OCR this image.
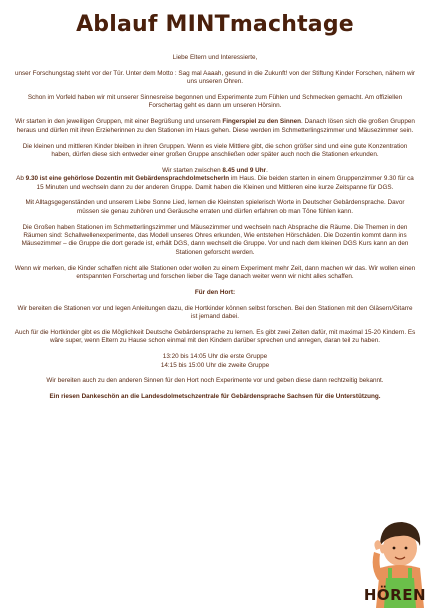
Ablauf MINTmachtage

Liebe Eltern und Interessierte,

unser Forschungstag steht vor der Tür. Unter dem Motto : Sag mal Aaaah, gesund in die Zukunft! von der Stiftung Kinder Forschen, nähern wir uns unseren Ohren.

Schon im Vorfeld haben wir mit unserer Sinnesreise begonnen und Experimente zum Fühlen und Schmecken gemacht. Am offiziellen Forschertag geht es dann um unseren Hörsinn.

Wir starten in den jeweiligen Gruppen, mit einer Begrüßung und unserem Fingerspiel zu den Sinnen. Danach lösen sich die großen Gruppen heraus und dürfen mit ihren Erzieherinnen zu den Stationen im Haus gehen. Diese werden im Schmetterlingszimmer und Mäusezimmer sein.

Die kleinen und mittleren Kinder bleiben in ihren Gruppen. Wenn es viele Mittlere gibt, die schon größer sind und eine gute Konzentration haben, dürfen diese sich entweder einer großen Gruppe anschließen oder später auch noch die Stationen erkunden.

Wir starten zwischen 8.45 und 9 Uhr.

Ab 9.30 ist eine gehörlose Dozentin mit GebärdensprachdolmetscherIn im Haus. Die beiden starten in einem Gruppenzimmer 9.30 für ca 15 Minuten und wechseln dann zu der anderen Gruppe. Damit haben die Kleinen und Mittleren eine kurze Zeitspanne für DGS.

Mit Alltagsgegenständen und unserem Liebe Sonne Lied, lernen die Kleinsten spielerisch Worte in Deutscher Gebärdensprache. Davor müssen sie genau zuhören und Geräusche erraten und dürfen erfahren ob man Töne fühlen kann.

Die Großen haben Stationen im Schmetterlingszimmer und Mäusezimmer und wechseln nach Absprache die Räume. Die Themen in den Räumen sind: Schallwellenexperimente, das Modell unseres Ohres erkunden, Wie entstehen Hörschäden. Die Dozentin kommt dann ins Mäusezimmer – die Gruppe die dort gerade ist, erhält DGS, dann wechselt die Gruppe. Vor und nach dem kleinen DGS Kurs kann an den Stationen geforscht werden.

Wenn wir merken, die Kinder schaffen nicht alle Stationen oder wollen zu einem Experiment mehr Zeit, dann machen wir das. Wir wollen einen entspannten Forschertag und forschen lieber die Tage danach weiter wenn wir nicht alles schaffen.

Für den Hort:

Wir bereiten die Stationen vor und legen Anleitungen dazu, die Hortkinder können selbst forschen. Bei den Stationen mit den Gläsern/Gitarre ist jemand dabei.

Auch für die Hortkinder gibt es die Möglichkeit Deutsche Gebärdensprache zu lernen. Es gibt zwei Zeiten dafür, mit maximal 15-20 Kindern. Es wäre super, wenn Eltern zu Hause schon einmal mit den Kindern darüber sprechen und anregen, daran teil zu haben.

13:20 bis 14:05 Uhr die erste Gruppe
14:15 bis 15:00 Uhr die zweite Gruppe

Wir bereiten auch zu den anderen Sinnen für den Hort noch Experimente vor und geben diese dann rechtzeitig bekannt.

Ein riesen Dankeschön an die Landesdolmetschzentrale für Gebärdensprache Sachsen für die Unterstützung.

HÖREN
